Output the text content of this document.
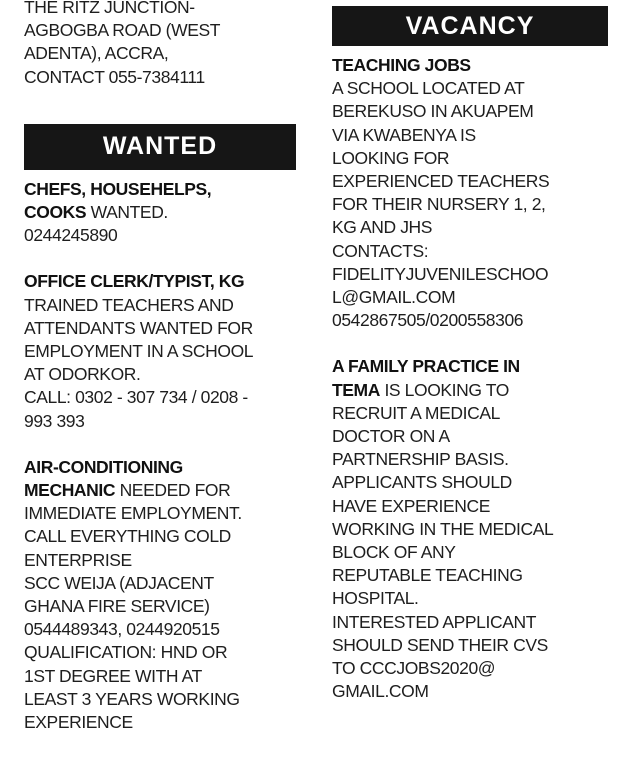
THE RITZ JUNCTION-
AGBOGBA ROAD (WEST
ADENTA), ACCRA,
CONTACT 055-7384111
WANTED
CHEFS, HOUSEHELPS,
COOKS WANTED.
0244245890
OFFICE CLERK/TYPIST, KG
TRAINED TEACHERS AND
ATTENDANTS WANTED FOR
EMPLOYMENT IN A SCHOOL
AT ODORKOR.
CALL: 0302 - 307 734 / 0208 -
993 393
AIR-CONDITIONING
MECHANIC NEEDED FOR
IMMEDIATE EMPLOYMENT.
CALL EVERYTHING COLD
ENTERPRISE
SCC WEIJA (ADJACENT
GHANA FIRE SERVICE)
0544489343, 0244920515
QUALIFICATION: HND OR
1ST DEGREE WITH AT
LEAST 3 YEARS WORKING
EXPERIENCE
VACANCY
TEACHING JOBS
A SCHOOL LOCATED AT
BEREKUSO IN AKUAPEM
VIA KWABENYA IS
LOOKING FOR
EXPERIENCED TEACHERS
FOR THEIR NURSERY 1, 2,
KG AND JHS
CONTACTS:
FIDELITYJUVENILESCHOO
L@GMAIL.COM
0542867505/0200558306
A FAMILY PRACTICE IN
TEMA IS LOOKING TO
RECRUIT A MEDICAL
DOCTOR ON A
PARTNERSHIP BASIS.
APPLICANTS SHOULD
HAVE EXPERIENCE
WORKING IN THE MEDICAL
BLOCK OF ANY
REPUTABLE TEACHING
HOSPITAL.
INTERESTED APPLICANT
SHOULD SEND THEIR CVS
TO CCCJOBS2020@
GMAIL.COM
